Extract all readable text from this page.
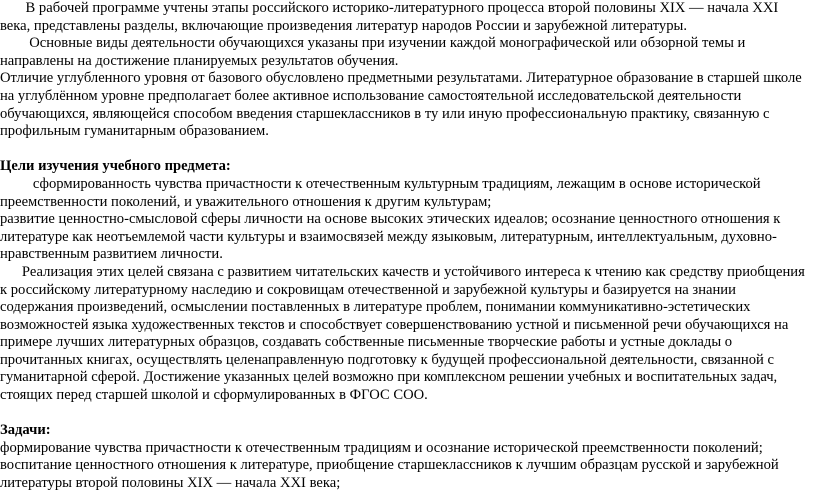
В рабочей программе учтены этапы российского историко-литературного процесса второй половины XIX — начала XXI века, представлены разделы, включающие произведения литератур народов России и зарубежной литературы.

Основные виды деятельности обучающихся указаны при изучении каждой монографической или обзорной темы и направлены на достижение планируемых результатов обучения.

Отличие углубленного уровня от базового обусловлено предметными результатами. Литературное образование в старшей школе на углублённом уровне предполагает более активное использование самостоятельной исследовательской деятельности обучающихся, являющейся способом введения старшеклассников в ту или иную профессиональную практику, связанную с профильным гуманитарным образованием.

Цели изучения учебного предмета:

сформированность чувства причастности к отечественным культурным традициям, лежащим в основе исторической преемственности поколений, и уважительного отношения к другим культурам;

развитие ценностно-смысловой сферы личности на основе высоких этических идеалов; осознание ценностного отношения к литературе как неотъемлемой части культуры и взаимосвязей между языковым, литературным, интеллектуальным, духовно-нравственным развитием личности.

Реализация этих целей связана с развитием читательских качеств и устойчивого интереса к чтению как средству приобщения к российскому литературному наследию и сокровищам отечественной и зарубежной культуры и базируется на знании содержания произведений, осмыслении поставленных в литературе проблем, понимании коммуникативно-эстетических возможностей языка художественных текстов и способствует совершенствованию устной и письменной речи обучающихся на примере лучших литературных образцов, создавать собственные письменные творческие работы и устные доклады о прочитанных книгах, осуществлять целенаправленную подготовку к будущей профессиональной деятельности, связанной с гуманитарной сферой. Достижение указанных целей возможно при комплексном решении учебных и воспитательных задач, стоящих перед старшей школой и сформулированных в ФГОС СОО.

Задачи:

формирование чувства причастности к отечественным традициям и осознание исторической преемственности поколений;

воспитание ценностного отношения к литературе, приобщение старшеклассников к лучшим образцам русской и зарубежной литературы второй половины XIX — начала XXI века;
